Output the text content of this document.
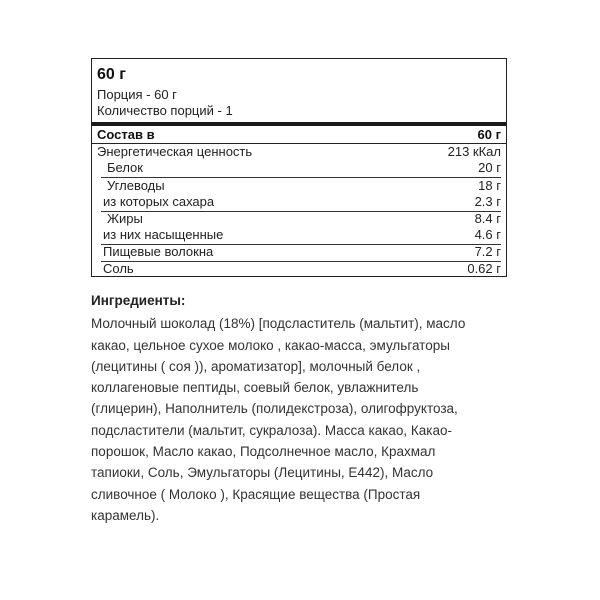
60 г
Порция - 60 г
Количество порций - 1
Состав в	60 г
Энергетическая ценность	213 кКал
Белок	20 г
Углеводы	18 г
из которых сахара	2.3 г
Жиры	8.4 г
из них насыщенные	4.6 г
Пищевые волокна	7.2 г
Соль	0.62 г
Ингредиенты:
Молочный шоколад (18%) [подсластитель (мальтит), масло
какао, цельное сухое молоко , какао-масса, эмульгаторы
(лецитины ( соя )), ароматизатор], молочный белок ,
коллагеновые пептиды, соевый белок, увлажнитель
(глицерин), Наполнитель (полидекстроза), олигофруктоза,
подсластители (мальтит, сукралоза). Масса какао, Какао-
порошок, Масло какао, Подсолнечное масло, Крахмал
тапиоки, Соль, Эмульгаторы (Лецитины, Е442), Масло
сливочное ( Молоко ), Красящие вещества (Простая
карамель).
